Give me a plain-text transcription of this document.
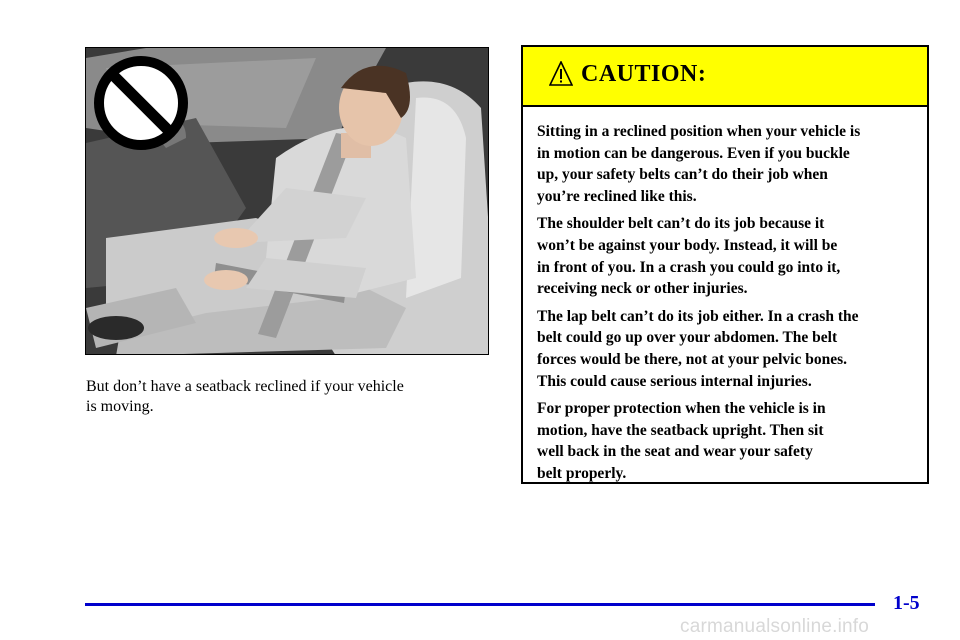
But don’t have a seatback reclined if your vehicle
is moving.
CAUTION:

Sitting in a reclined position when your vehicle is
in motion can be dangerous. Even if you buckle
up, your safety belts can’t do their job when
you’re reclined like this.

The shoulder belt can’t do its job because it
won’t be against your body. Instead, it will be
in front of you. In a crash you could go into it,
receiving neck or other injuries.

The lap belt can’t do its job either. In a crash the
belt could go up over your abdomen. The belt
forces would be there, not at your pelvic bones.
This could cause serious internal injuries.

For proper protection when the vehicle is in
motion, have the seatback upright. Then sit
well back in the seat and wear your safety
belt properly.

1-5
carmanualsonline.info
